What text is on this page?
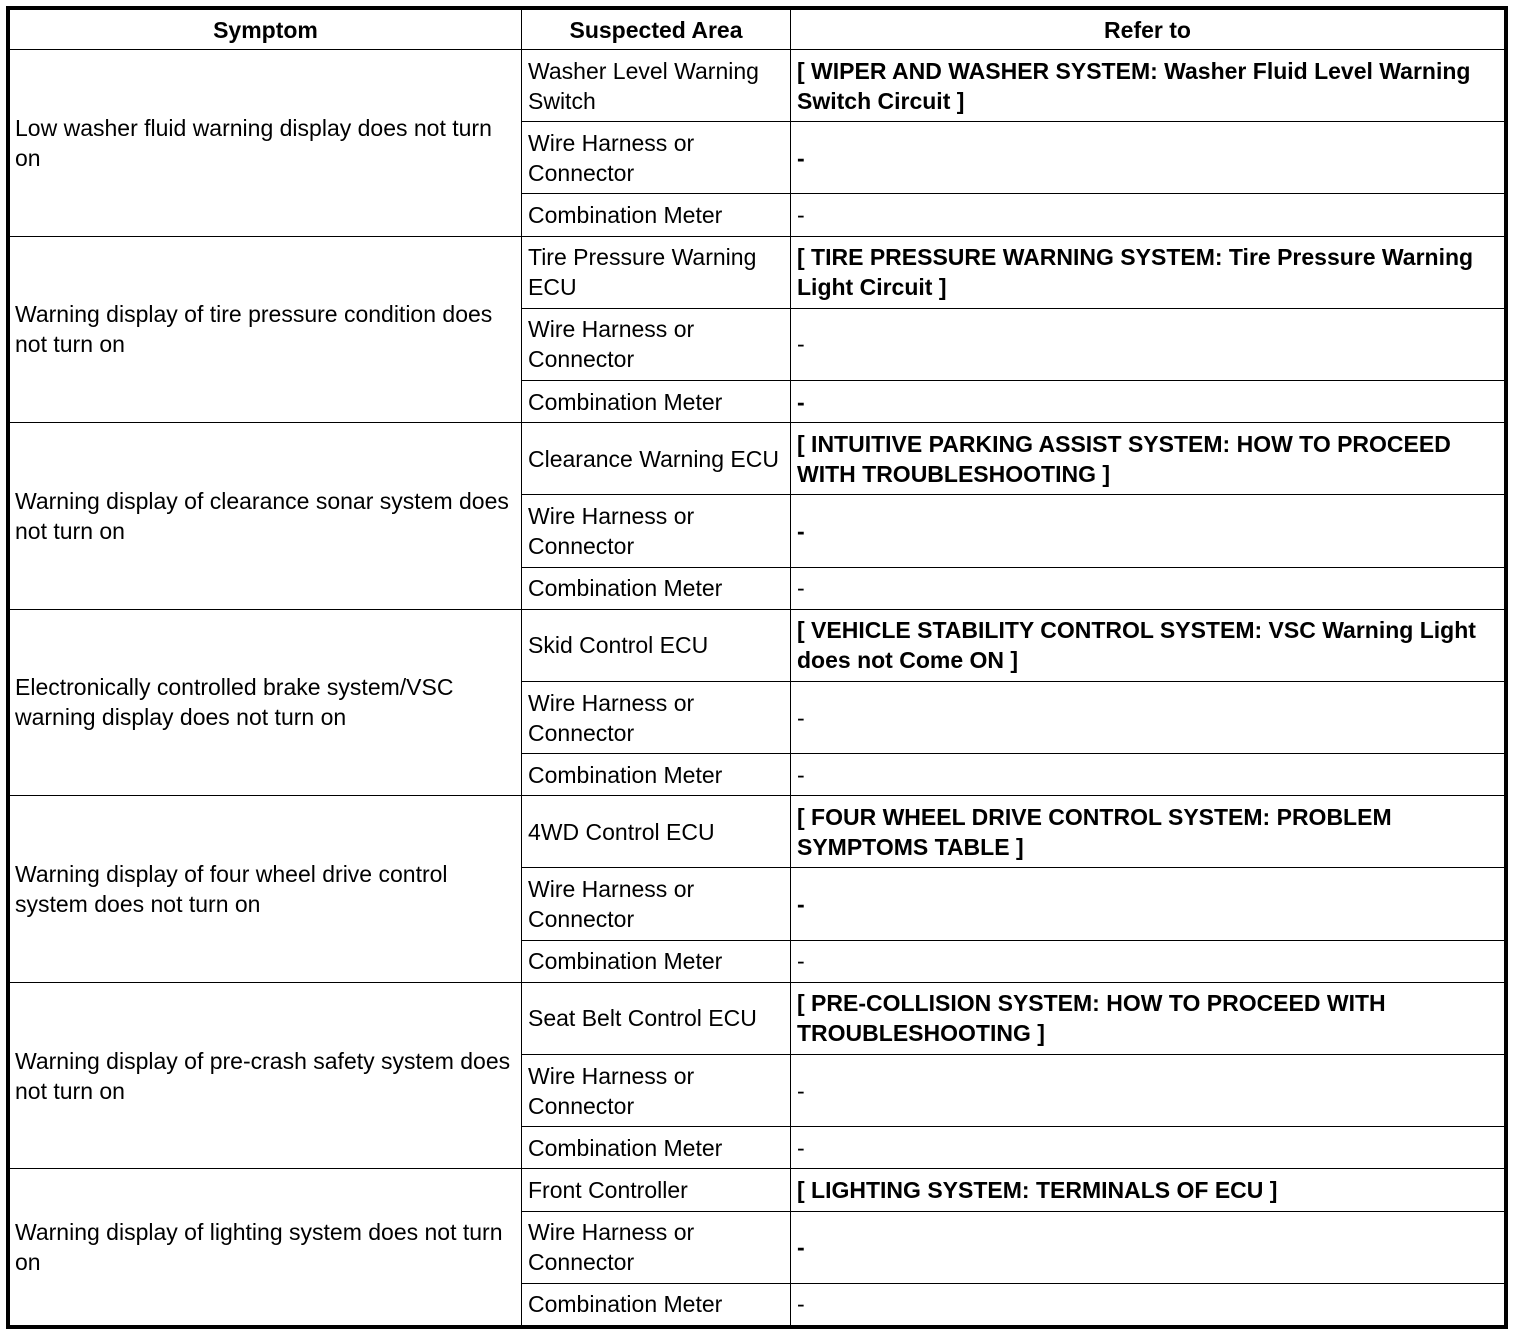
Symptom	Suspected Area	Refer to
Low washer fluid warning display does not turn on	Washer Level Warning Switch	[ WIPER AND WASHER SYSTEM: Washer Fluid Level Warning Switch Circuit ]
	Wire Harness or Connector	-
	Combination Meter	-
Warning display of tire pressure condition does not turn on	Tire Pressure Warning ECU	[ TIRE PRESSURE WARNING SYSTEM: Tire Pressure Warning Light Circuit ]
	Wire Harness or Connector	-
	Combination Meter	-
Warning display of clearance sonar system does not turn on	Clearance Warning ECU	[ INTUITIVE PARKING ASSIST SYSTEM: HOW TO PROCEED WITH TROUBLESHOOTING ]
	Wire Harness or Connector	-
	Combination Meter	-
Electronically controlled brake system/VSC warning display does not turn on	Skid Control ECU	[ VEHICLE STABILITY CONTROL SYSTEM: VSC Warning Light does not Come ON ]
	Wire Harness or Connector	-
	Combination Meter	-
Warning display of four wheel drive control system does not turn on	4WD Control ECU	[ FOUR WHEEL DRIVE CONTROL SYSTEM: PROBLEM SYMPTOMS TABLE ]
	Wire Harness or Connector	-
	Combination Meter	-
Warning display of pre-crash safety system does not turn on	Seat Belt Control ECU	[ PRE-COLLISION SYSTEM: HOW TO PROCEED WITH TROUBLESHOOTING ]
	Wire Harness or Connector	-
	Combination Meter	-
Warning display of lighting system does not turn on	Front Controller	[ LIGHTING SYSTEM: TERMINALS OF ECU ]
	Wire Harness or Connector	-
	Combination Meter	-
